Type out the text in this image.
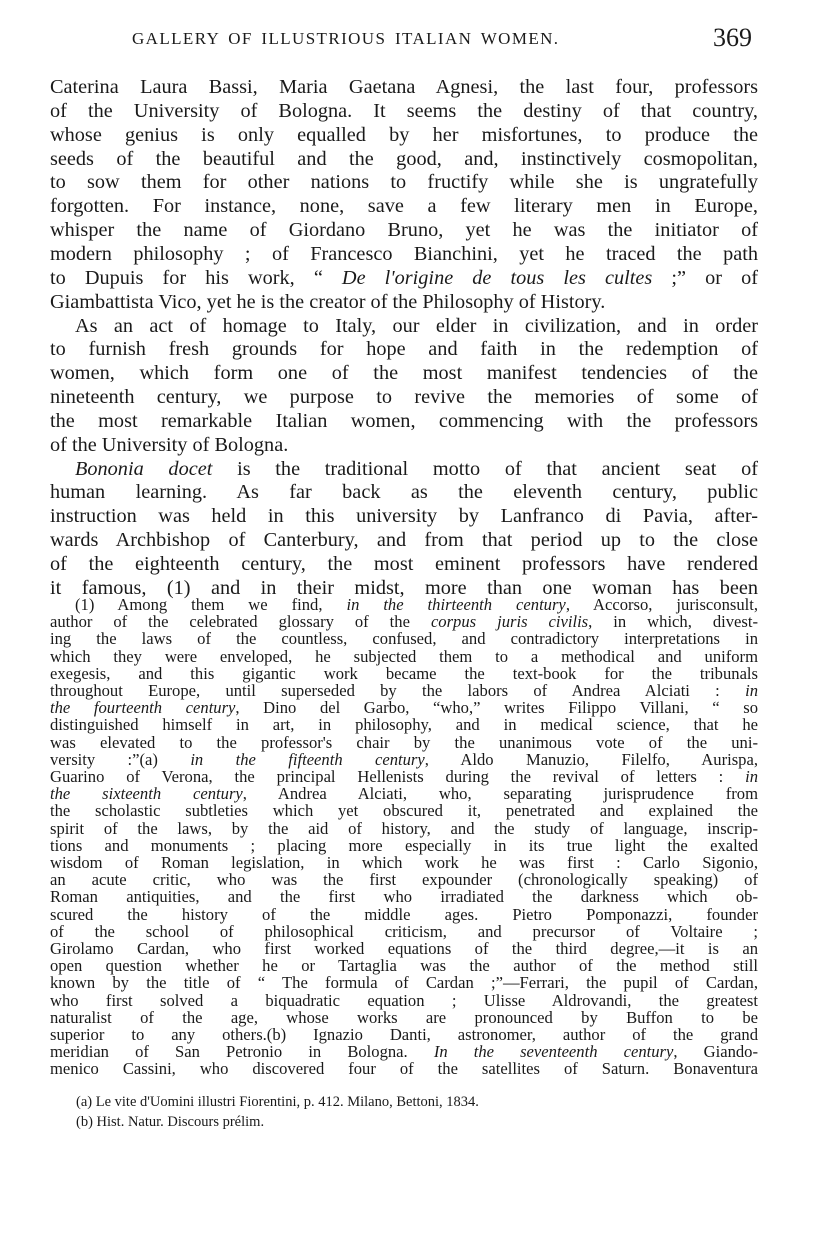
GALLERY OF ILLUSTRIOUS ITALIAN WOMEN.	369
Caterina Laura Bassi, Maria Gaetana Agnesi, the last four, professors
of the University of Bologna. It seems the destiny of that country,
whose genius is only equalled by her misfortunes, to produce the
seeds of the beautiful and the good, and, instinctively cosmopolitan,
to sow them for other nations to fructify while she is ungratefully
forgotten. For instance, none, save a few literary men in Europe,
whisper the name of Giordano Bruno, yet he was the initiator of
modern philosophy ; of Francesco Bianchini, yet he traced the path
to Dupuis for his work, “ De l'origine de tous les cultes ;” or of
Giambattista Vico, yet he is the creator of the Philosophy of History.
As an act of homage to Italy, our elder in civilization, and in order
to furnish fresh grounds for hope and faith in the redemption of
women, which form one of the most manifest tendencies of the
nineteenth century, we purpose to revive the memories of some of
the most remarkable Italian women, commencing with the professors
of the University of Bologna.
Bononia docet is the traditional motto of that ancient seat of
human learning. As far back as the eleventh century, public
instruction was held in this university by Lanfranco di Pavia, after-
wards Archbishop of Canterbury, and from that period up to the close
of the eighteenth century, the most eminent professors have rendered
it famous, (1) and in their midst, more than one woman has been
(1) Among them we find, in the thirteenth century, Accorso, jurisconsult,
author of the celebrated glossary of the corpus juris civilis, in which, divest-
ing the laws of the countless, confused, and contradictory interpretations in
which they were enveloped, he subjected them to a methodical and uniform
exegesis, and this gigantic work became the text-book for the tribunals
throughout Europe, until superseded by the labors of Andrea Alciati : in
the fourteenth century, Dino del Garbo, “who,” writes Filippo Villani, “ so
distinguished himself in art, in philosophy, and in medical science, that he
was elevated to the professor's chair by the unanimous vote of the uni-
versity :”(a) in the fifteenth century, Aldo Manuzio, Filelfo, Aurispa,
Guarino of Verona, the principal Hellenists during the revival of letters : in
the sixteenth century, Andrea Alciati, who, separating jurisprudence from
the scholastic subtleties which yet obscured it, penetrated and explained the
spirit of the laws, by the aid of history, and the study of language, inscrip-
tions and monuments ; placing more especially in its true light the exalted
wisdom of Roman legislation, in which work he was first : Carlo Sigonio,
an acute critic, who was the first expounder (chronologically speaking) of
Roman antiquities, and the first who irradiated the darkness which ob-
scured the history of the middle ages. Pietro Pomponazzi, founder
of the school of philosophical criticism, and precursor of Voltaire ;
Girolamo Cardan, who first worked equations of the third degree,—it is an
open question whether he or Tartaglia was the author of the method still
known by the title of “ The formula of Cardan ;”—Ferrari, the pupil of Cardan,
who first solved a biquadratic equation ; Ulisse Aldrovandi, the greatest
naturalist of the age, whose works are pronounced by Buffon to be
superior to any others.(b) Ignazio Danti, astronomer, author of the grand
meridian of San Petronio in Bologna. In the seventeenth century, Giando-
menico Cassini, who discovered four of the satellites of Saturn. Bonaventura
(a) Le vite d'Uomini illustri Fiorentini, p. 412. Milano, Bettoni, 1834.
(b) Hist. Natur. Discours prélim.
